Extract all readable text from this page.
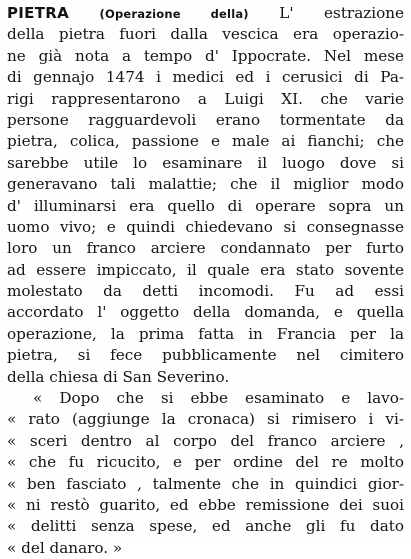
PIETRA	(Operazione della) L' estrazione
della pietra fuori dalla vescica era operazio-
ne già nota a tempo d' Ippocrate. Nel mese
di gennajo 1474 i medici ed i cerusici di Pa-
rigi rappresentarono a Luigi XI. che varie
persone ragguardevoli erano tormentate da
pietra, colica, passione e male ai fianchi; che
sarebbe utile lo esaminare il luogo dove si
generavano tali malattie; che il miglior modo
d' illuminarsi era quello di operare sopra un
uomo vivo; e quindi chiedevano si consegnasse
loro un franco arciere condannato per furto
ad essere impiccato, il quale era stato sovente
molestato da detti incomodi. Fu ad essi
accordato l' oggetto della domanda, e quella
operazione, la prima fatta in Francia per la
pietra, si fece pubblicamente nel cimitero
della chiesa di San Severino.
« Dopo che si ebbe esaminato e lavo-
« rato (aggiunge la cronaca) si rimisero i vi-
« sceri dentro al corpo del franco arciere ,
« che fu ricucito, e per ordine del re molto
« ben fasciato , talmente che in quindici gior-
« ni restò guarito, ed ebbe remissione dei suoi
« delitti senza spese, ed anche gli fu dato
« del danaro. »
